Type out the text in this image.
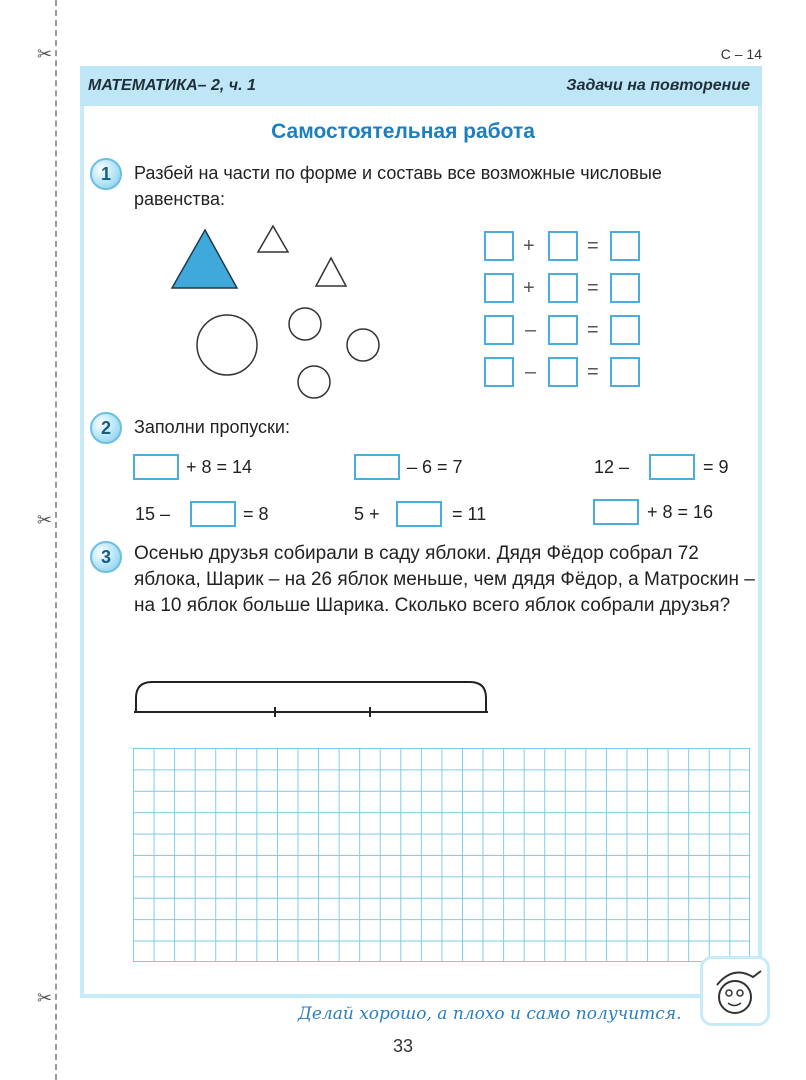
✂
✂
✂
С – 14
МАТЕМАТИКА– 2, ч. 1	Задачи на повторение
Самостоятельная работа
1	Разбей на части по форме и составь все возможные числовые равенства:
+	=
+	=
–	=
–	=
2	Заполни пропуски:
+ 8 = 14	– 6 = 7	12 –	= 9
15 –	= 8	5 +	= 11	+ 8 = 16
3	Осенью друзья собирали в саду яблоки. Дядя Фёдор собрал 72 яблока, Шарик – на 26 яблок меньше, чем дядя Фёдор, а Матроскин – на 10 яблок больше Шарика. Сколько всего яблок собрали друзья?
Делай хорошо, а плохо и само получится.
33
